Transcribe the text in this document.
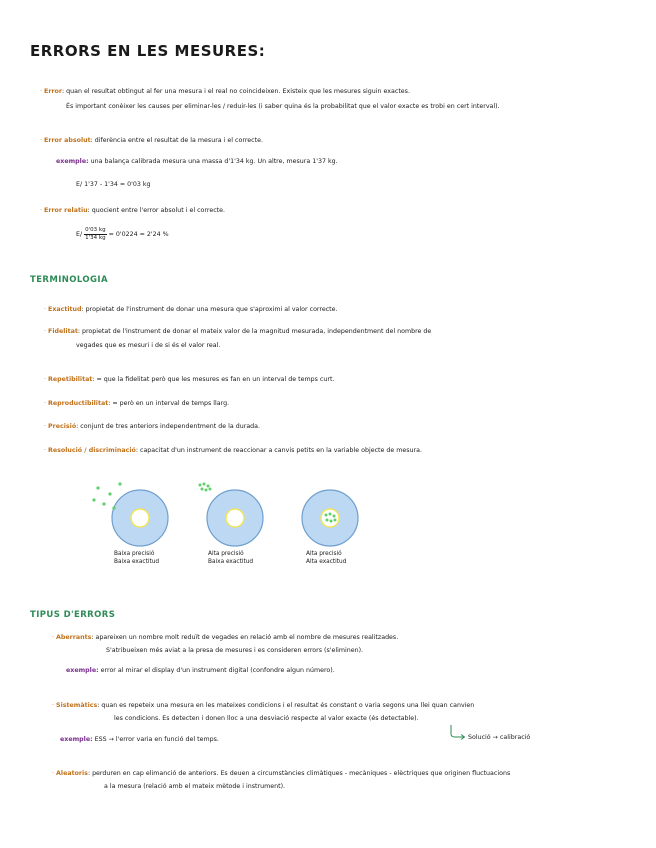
ERRORS EN LES MESURES:
· Error: quan el resultat obtingut al fer una mesura i el real no coincideixen. Existeix que les mesures siguin exactes.
És important conèixer les causes per eliminar-les / reduir-les (i saber quina és la probabilitat que el valor exacte es trobi en cert interval).
· Error absolut: diferència entre el resultat de la mesura i el correcte.
exemple: una balança calibrada mesura una massa d'1'34 kg. Un altre, mesura 1'37 kg.
E/ 1'37 - 1'34 = 0'03 kg
· Error relatiu: quocient entre l'error absolut i el correcte.
$E/ \frac{0'03 kg}{1'34 kg} = 0'0224 = 2'24$ %
TERMINOLOGIA
· Exactitud: propietat de l'instrument de donar una mesura que s'aproximi al valor correcte.
· Fidelitat: propietat de l'instrument de donar el mateix valor de la magnitud mesurada, independentment del nombre de
vegades que es mesuri i de si és el valor real.
· Repetibilitat: = que la fidelitat però que les mesures es fan en un interval de temps curt.
· Reproductibilitat: = però en un interval de temps llarg.
· Precisió: conjunt de tres anteriors independentment de la durada.
· Resolució / discriminació: capacitat d'un instrument de reaccionar a canvis petits en la variable objecte de mesura.
Baixa precisió
Baixa exactitud
Alta precisió
Baixa exactitud
Alta precisió
Alta exactitud
TIPUS D'ERRORS
· Aberrants: apareixen un nombre molt reduït de vegades en relació amb el nombre de mesures realitzades.
S'atribueixen més aviat a la presa de mesures i es consideren errors (s'eliminen).
exemple: error al mirar el display d'un instrument digital (confondre algun número).
· Sistemàtics: quan es repeteix una mesura en les mateixes condicions i el resultat és constant o varia segons una llei quan canvien
les condicions. Es detecten i donen lloc a una desviació respecte al valor exacte (és detectable).
exemple: ESS → l'error varia en funció del temps.	Solució → calibració
· Aleatoris: perduren en cap elimanció de anteriors. Es deuen a circumstàncies climàtiques - mecàniques - elèctriques que originen fluctuacions
a la mesura (relació amb el mateix mètode i instrument).
